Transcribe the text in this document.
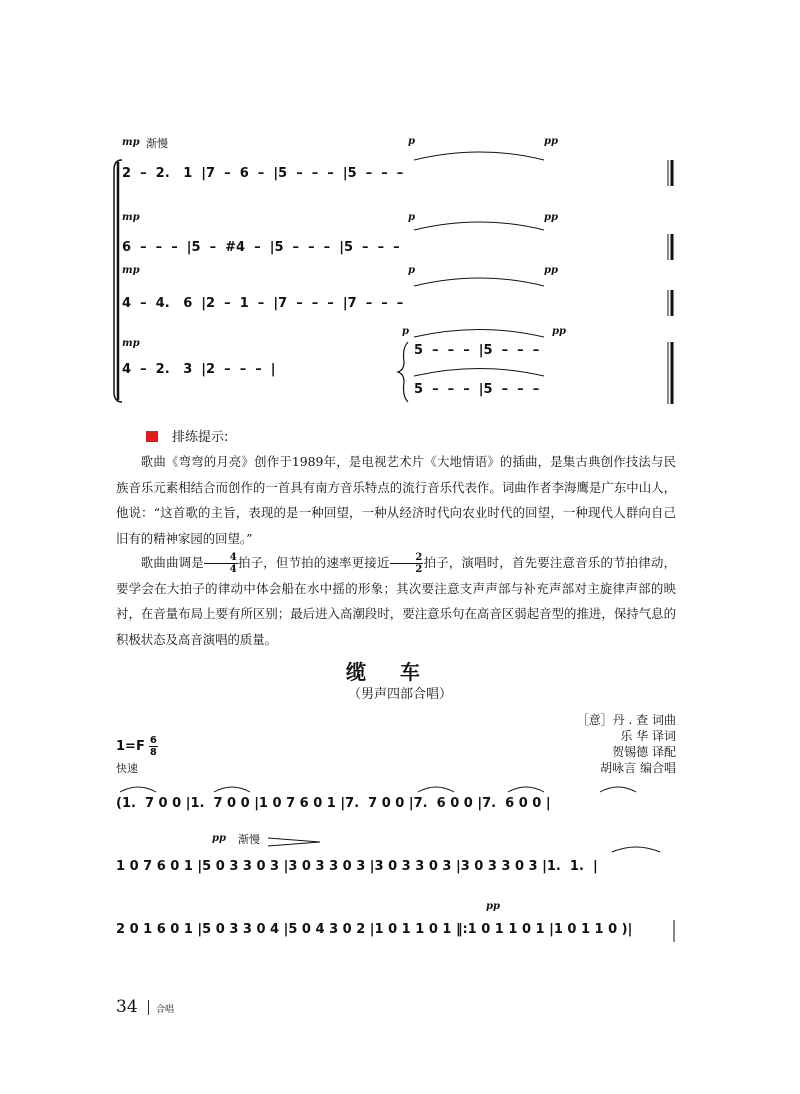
mp 渐慢	p	pp
2  –  2.   1  |7  –  6  –  |5  –  –  –  |5  –  –  –
mp	p	pp
6  –  –  –  |5  –  #4  –  |5  –  –  –  |5  –  –  –
mp	p	pp
4  –  4.   6  |2  –  1  –  |7  –  –  –  |7  –  –  –
mp
p	pp
4  –  2.   3  |2  –  –  –  |
5  –  –  –  |5  –  –  –
5  –  –  –  |5  –  –  –
排练提示:

歌曲《弯弯的月亮》创作于1989年，是电视艺术片《大地情语》的插曲，是集古典创作技法与民族音乐元素相结合而创作的一首具有南方音乐特点的流行音乐代表作。词曲作者李海鹰是广东中山人，他说：“这首歌的主旨，表现的是一种回望，一种从经济时代向农业时代的回望，一种现代人群向自己旧有的精神家园的回望。”

歌曲曲调是 $\frac{4}{4}$ 拍子，但节拍的速率更接近 $\frac{2}{2}$ 拍子，演唱时，首先要注意音乐的节拍律动，要学会在大拍子的律动中体会船在水中摇的形象；其次要注意支声声部与补充声部对主旋律声部的映衬，在音量布局上要有所区别；最后进入高潮段时，要注意乐句在高音区弱起音型的推进，保持气息的积极状态及高音演唱的质量。

缆车
（男声四部合唱）
［意］丹 . 查 词曲
乐 华 译词
贺锡德 译配
胡咏言 编合唱
$1=F \frac{6}{8}$
快速
(1.  7 0 0 |1.  7 0 0 |1 0 7 6 0 1 |7.  7 0 0 |7.  6 0 0 |7.  6 0 0 |
pp 渐慢
1 0 7 6 0 1 |5 0 3 3 0 3 |3 0 3 3 0 3 |3 0 3 3 0 3 |3 0 3 3 0 3 |1.  1.  |
pp
2 0 1 6 0 1 |5 0 3 3 0 4 |5 0 4 3 0 2 |1 0 1 1 0 1 ‖:1 0 1 1 0 1 |1 0 1 1 0 )|
34 合唱
